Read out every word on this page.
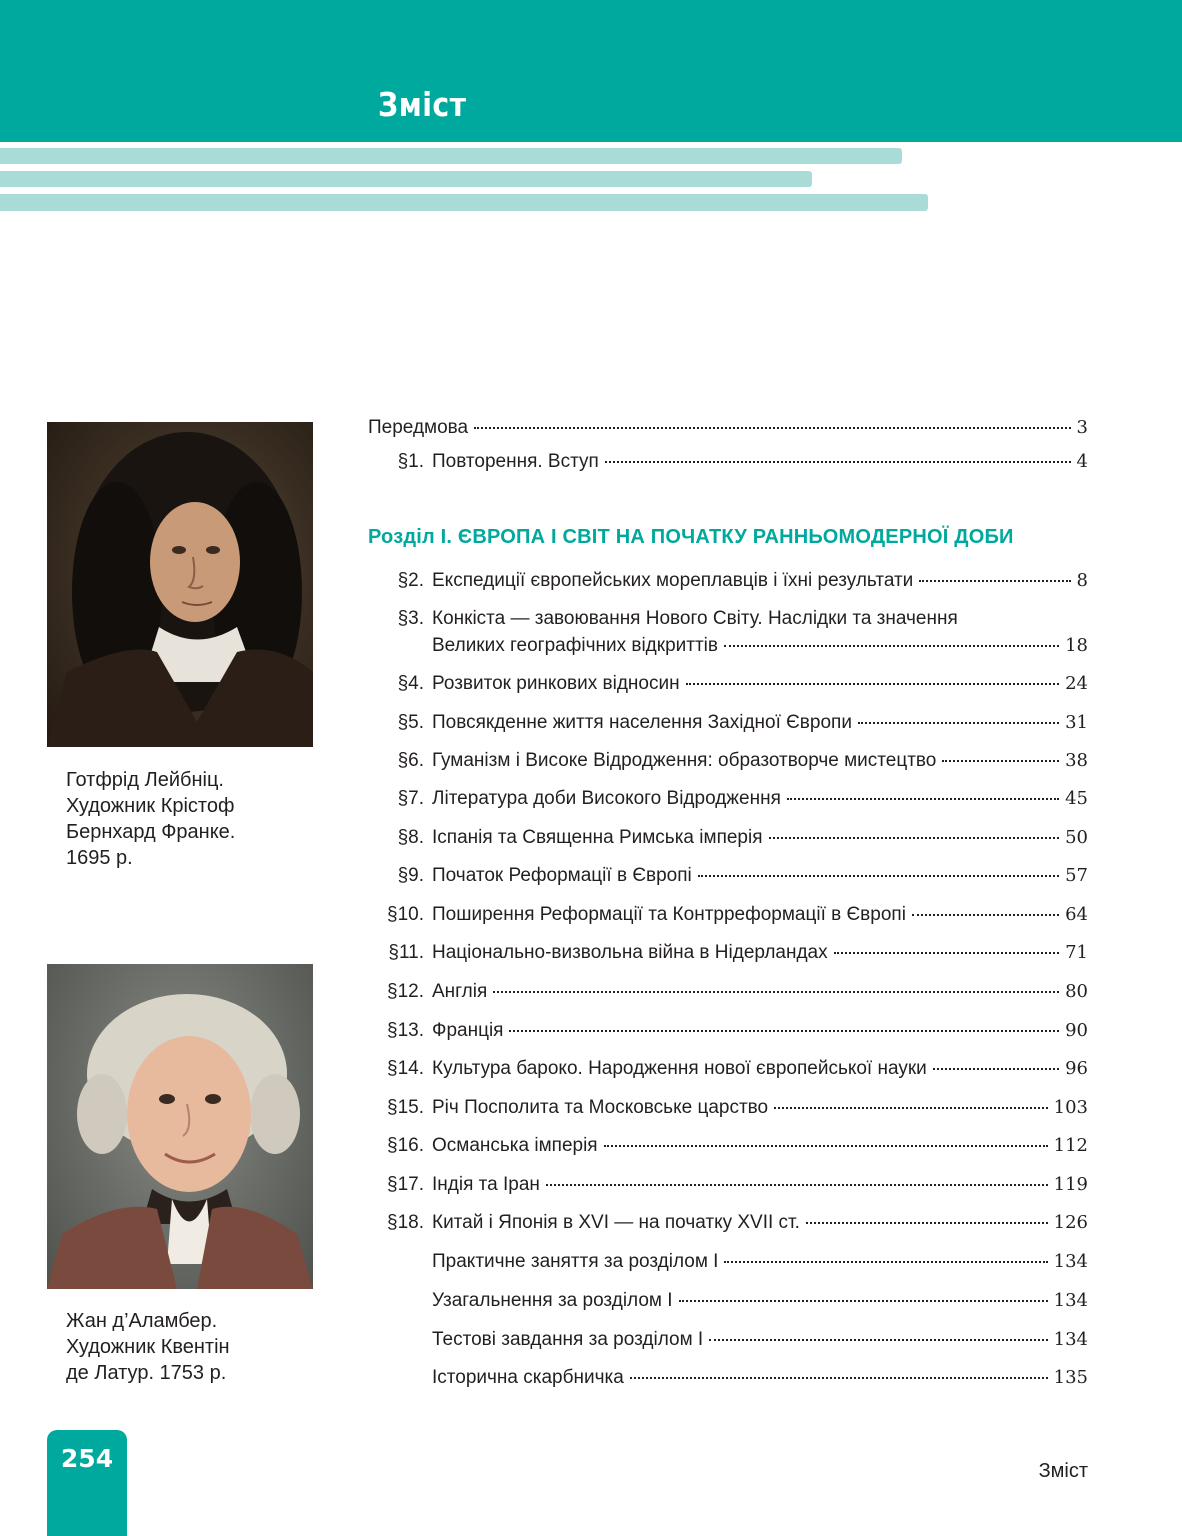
Зміст
Готфрід Лейбніц.
Художник Крістоф
Бернхард Франке.
1695 р.
Жан д’Аламбер.
Художник Квентін
де Латур. 1753 р.
Передмова	3
§1. Повторення. Вступ	4
Розділ І. ЄВРОПА І СВІТ НА ПОЧАТКУ РАННЬОМОДЕРНОЇ ДОБИ
§2. Експедиції європейських мореплавців і їхні результати	8
§3. Конкіста — завоювання Нового Світу. Наслідки та значення
Великих географічних відкриттів	18
§4. Розвиток ринкових відносин	24
§5. Повсякденне життя населення Західної Європи	31
§6. Гуманізм і Високе Відродження: образотворче мистецтво	38
§7. Література доби Високого Відродження	45
§8. Іспанія та Священна Римська імперія	50
§9. Початок Реформації в Європі	57
§10. Поширення Реформації та Контрреформації в Європі	64
§11. Національно-визвольна війна в Нідерландах	71
§12. Англія	80
§13. Франція	90
§14. Культура бароко. Народження нової європейської науки	96
§15. Річ Посполита та Московське царство	103
§16. Османська імперія	112
§17. Індія та Іран	119
§18. Китай і Японія в XVI — на початку XVII ст.	126
Практичне заняття за розділом І	134
Узагальнення за розділом І	134
Тестові завдання за розділом І	134
Історична скарбничка	135
254	Зміст
